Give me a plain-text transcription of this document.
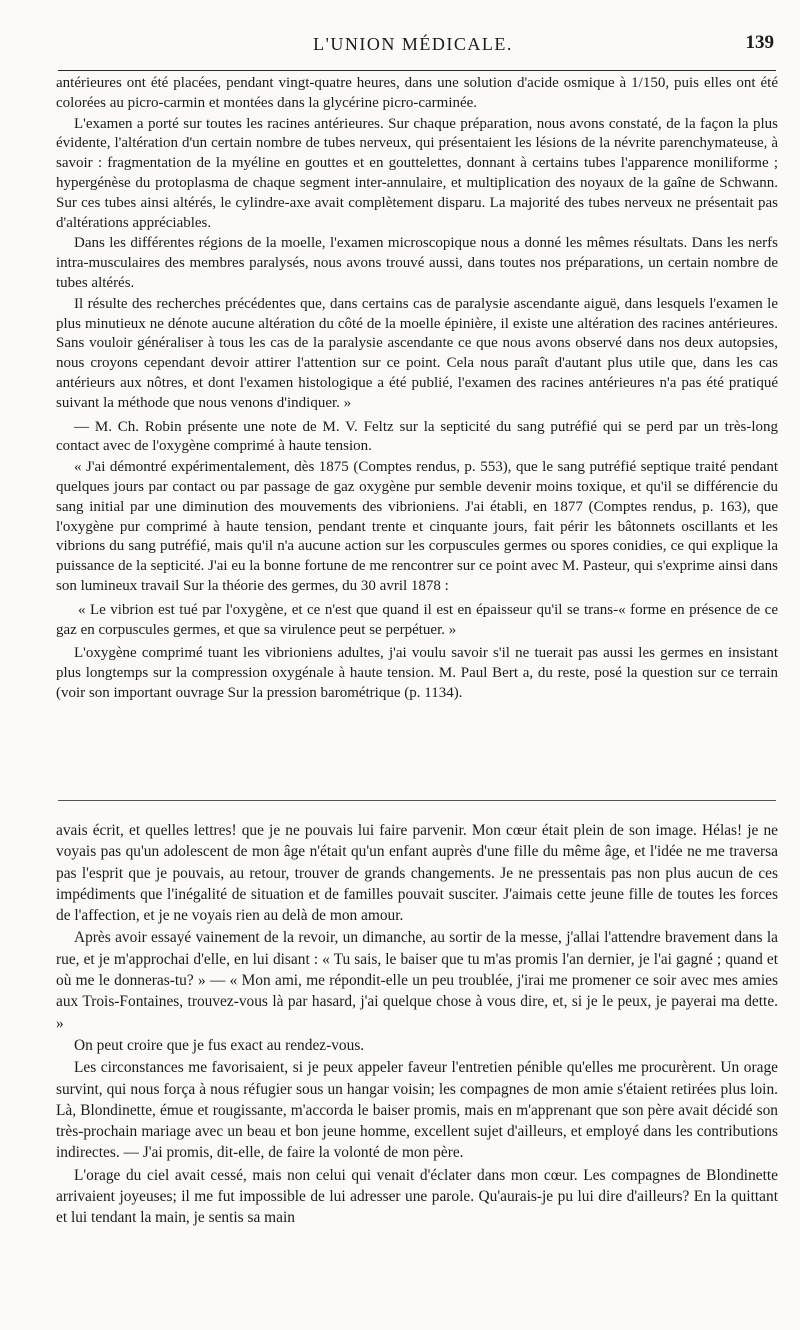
L'UNION MÉDICALE.	139

antérieures ont été placées, pendant vingt-quatre heures, dans une solution d'acide osmique à 1/150, puis elles ont été colorées au picro-carmin et montées dans la glycérine picro-carminée.

L'examen a porté sur toutes les racines antérieures. Sur chaque préparation, nous avons constaté, de la façon la plus évidente, l'altération d'un certain nombre de tubes nerveux, qui présentaient les lésions de la névrite parenchymateuse, à savoir : fragmentation de la myéline en gouttes et en gouttelettes, donnant à certains tubes l'apparence moniliforme ; hypergénèse du protoplasma de chaque segment inter-annulaire, et multiplication des noyaux de la gaîne de Schwann. Sur ces tubes ainsi altérés, le cylindre-axe avait complètement disparu. La majorité des tubes nerveux ne présentait pas d'altérations appréciables.

Dans les différentes régions de la moelle, l'examen microscopique nous a donné les mêmes résultats. Dans les nerfs intra-musculaires des membres paralysés, nous avons trouvé aussi, dans toutes nos préparations, un certain nombre de tubes altérés.

Il résulte des recherches précédentes que, dans certains cas de paralysie ascendante aiguë, dans lesquels l'examen le plus minutieux ne dénote aucune altération du côté de la moelle épinière, il existe une altération des racines antérieures. Sans vouloir généraliser à tous les cas de la paralysie ascendante ce que nous avons observé dans nos deux autopsies, nous croyons cependant devoir attirer l'attention sur ce point. Cela nous paraît d'autant plus utile que, dans les cas antérieurs aux nôtres, et dont l'examen histologique a été publié, l'examen des racines antérieures n'a pas été pratiqué suivant la méthode que nous venons d'indiquer. »

— M. Ch. Robin présente une note de M. V. Feltz sur la septicité du sang putréfié qui se perd par un très-long contact avec de l'oxygène comprimé à haute tension.

« J'ai démontré expérimentalement, dès 1875 (Comptes rendus, p. 553), que le sang putréfié septique traité pendant quelques jours par contact ou par passage de gaz oxygène pur semble devenir moins toxique, et qu'il se différencie du sang initial par une diminution des mouvements des vibrioniens. J'ai établi, en 1877 (Comptes rendus, p. 163), que l'oxygène pur comprimé à haute tension, pendant trente et cinquante jours, fait périr les bâtonnets oscillants et les vibrions du sang putréfié, mais qu'il n'a aucune action sur les corpuscules germes ou spores conidies, ce qui explique la puissance de la septicité. J'ai eu la bonne fortune de me rencontrer sur ce point avec M. Pasteur, qui s'exprime ainsi dans son lumineux travail Sur la théorie des germes, du 30 avril 1878 :

« Le vibrion est tué par l'oxygène, et ce n'est que quand il est en épaisseur qu'il se trans-« forme en présence de ce gaz en corpuscules germes, et que sa virulence peut se perpétuer. »

L'oxygène comprimé tuant les vibrioniens adultes, j'ai voulu savoir s'il ne tuerait pas aussi les germes en insistant plus longtemps sur la compression oxygénale à haute tension. M. Paul Bert a, du reste, posé la question sur ce terrain (voir son important ouvrage Sur la pression barométrique (p. 1134).

avais écrit, et quelles lettres! que je ne pouvais lui faire parvenir. Mon cœur était plein de son image. Hélas! je ne voyais pas qu'un adolescent de mon âge n'était qu'un enfant auprès d'une fille du même âge, et l'idée ne me traversa pas l'esprit que je pouvais, au retour, trouver de grands changements. Je ne pressentais pas non plus aucun de ces impédiments que l'inégalité de situation et de familles pouvait susciter. J'aimais cette jeune fille de toutes les forces de l'affection, et je ne voyais rien au delà de mon amour.

Après avoir essayé vainement de la revoir, un dimanche, au sortir de la messe, j'allai l'attendre bravement dans la rue, et je m'approchai d'elle, en lui disant : « Tu sais, le baiser que tu m'as promis l'an dernier, je l'ai gagné ; quand et où me le donneras-tu? » — « Mon ami, me répondit-elle un peu troublée, j'irai me promener ce soir avec mes amies aux Trois-Fontaines, trouvez-vous là par hasard, j'ai quelque chose à vous dire, et, si je le peux, je payerai ma dette. »

On peut croire que je fus exact au rendez-vous.

Les circonstances me favorisaient, si je peux appeler faveur l'entretien pénible qu'elles me procurèrent. Un orage survint, qui nous força à nous réfugier sous un hangar voisin; les compagnes de mon amie s'étaient retirées plus loin. Là, Blondinette, émue et rougissante, m'accorda le baiser promis, mais en m'apprenant que son père avait décidé son très-prochain mariage avec un beau et bon jeune homme, excellent sujet d'ailleurs, et employé dans les contributions indirectes. — J'ai promis, dit-elle, de faire la volonté de mon père.

L'orage du ciel avait cessé, mais non celui qui venait d'éclater dans mon cœur. Les compagnes de Blondinette arrivaient joyeuses; il me fut impossible de lui adresser une parole. Qu'aurais-je pu lui dire d'ailleurs? En la quittant et lui tendant la main, je sentis sa main
